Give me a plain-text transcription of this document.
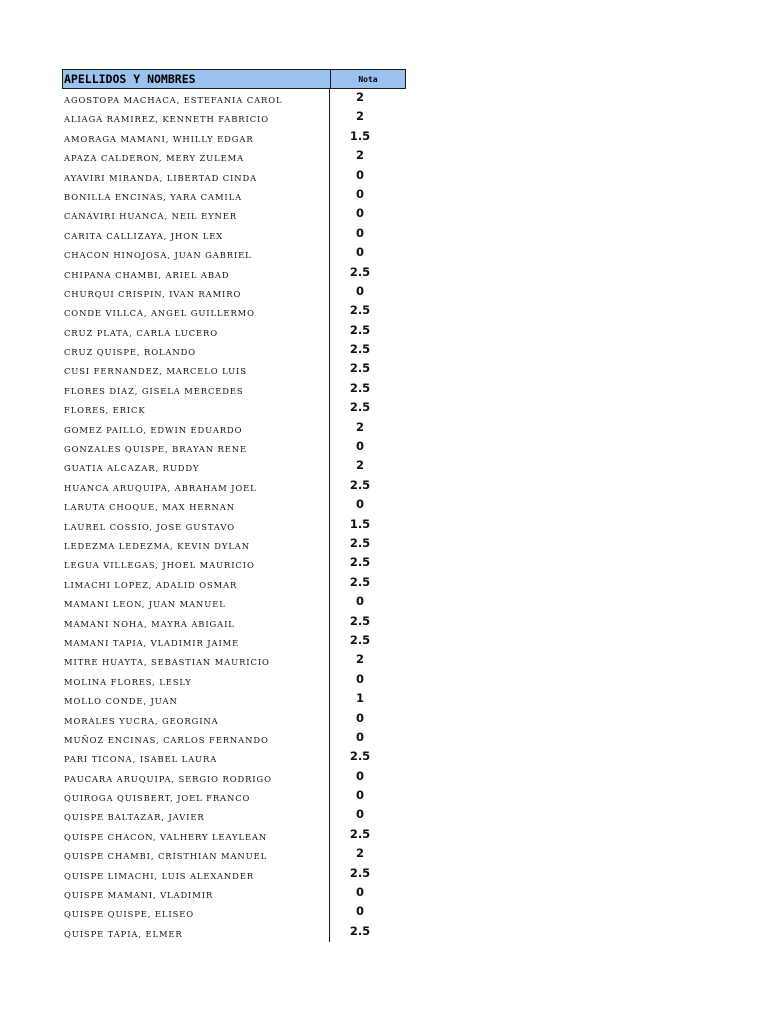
APELLIDOS Y NOMBRES	Nota
AGOSTOPA MACHACA, ESTEFANIA CAROL	2
ALIAGA RAMIREZ, KENNETH FABRICIO	2
AMORAGA MAMANI, WHILLY EDGAR	1.5
APAZA CALDERON, MERY ZULEMA	2
AYAVIRI MIRANDA, LIBERTAD CINDA	0
BONILLA ENCINAS, YARA CAMILA	0
CANAVIRI HUANCA, NEIL EYNER	0
CARITA CALLIZAYA, JHON LEX	0
CHACON HINOJOSA, JUAN GABRIEL	0
CHIPANA CHAMBI, ARIEL ABAD	2.5
CHURQUI CRISPIN, IVAN RAMIRO	0
CONDE VILLCA, ANGEL GUILLERMO	2.5
CRUZ PLATA, CARLA LUCERO	2.5
CRUZ QUISPE, ROLANDO	2.5
CUSI FERNANDEZ, MARCELO LUIS	2.5
FLORES DIAZ, GISELA MERCEDES	2.5
FLORES, ERICK	2.5
GOMEZ PAILLO, EDWIN EDUARDO	2
GONZALES QUISPE, BRAYAN RENE	0
GUATIA ALCAZAR, RUDDY	2
HUANCA ARUQUIPA, ABRAHAM JOEL	2.5
LARUTA CHOQUE, MAX HERNAN	0
LAUREL COSSIO, JOSE GUSTAVO	1.5
LEDEZMA LEDEZMA, KEVIN DYLAN	2.5
LEGUA VILLEGAS, JHOEL MAURICIO	2.5
LIMACHI LOPEZ, ADALID OSMAR	2.5
MAMANI LEON, JUAN MANUEL	0
MAMANI NOHA, MAYRA ABIGAIL	2.5
MAMANI TAPIA, VLADIMIR JAIME	2.5
MITRE HUAYTA, SEBASTIAN MAURICIO	2
MOLINA FLORES, LESLY	0
MOLLO CONDE, JUAN	1
MORALES YUCRA, GEORGINA	0
MUÑOZ ENCINAS, CARLOS FERNANDO	0
PARI TICONA, ISABEL LAURA	2.5
PAUCARA ARUQUIPA, SERGIO RODRIGO	0
QUIROGA QUISBERT, JOEL FRANCO	0
QUISPE BALTAZAR, JAVIER	0
QUISPE CHACON, VALHERY LEAYLEAN	2.5
QUISPE CHAMBI, CRISTHIAN MANUEL	2
QUISPE LIMACHI, LUIS ALEXANDER	2.5
QUISPE MAMANI, VLADIMIR	0
QUISPE QUISPE, ELISEO	0
QUISPE TAPIA, ELMER	2.5
